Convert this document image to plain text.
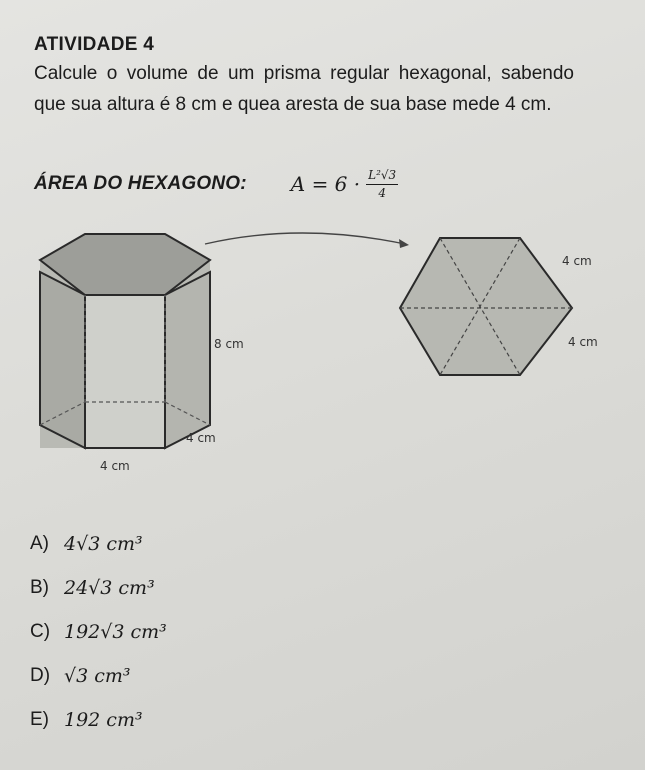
ATIVIDADE 4
Calcule o volume de um prisma regular hexagonal, sabendo que sua altura é 8 cm e quea aresta de sua base mede 4 cm.
ÁREA DO HEXAGONO: $A = 6 \cdot \frac{\text{L²√3}}{4}$
8 cm
4 cm
4 cm
4 cm
4 cm
A) 4√3 cm³
B) 24√3 cm³
C) 192√3 cm³
D) √3 cm³
E) 192 cm³
